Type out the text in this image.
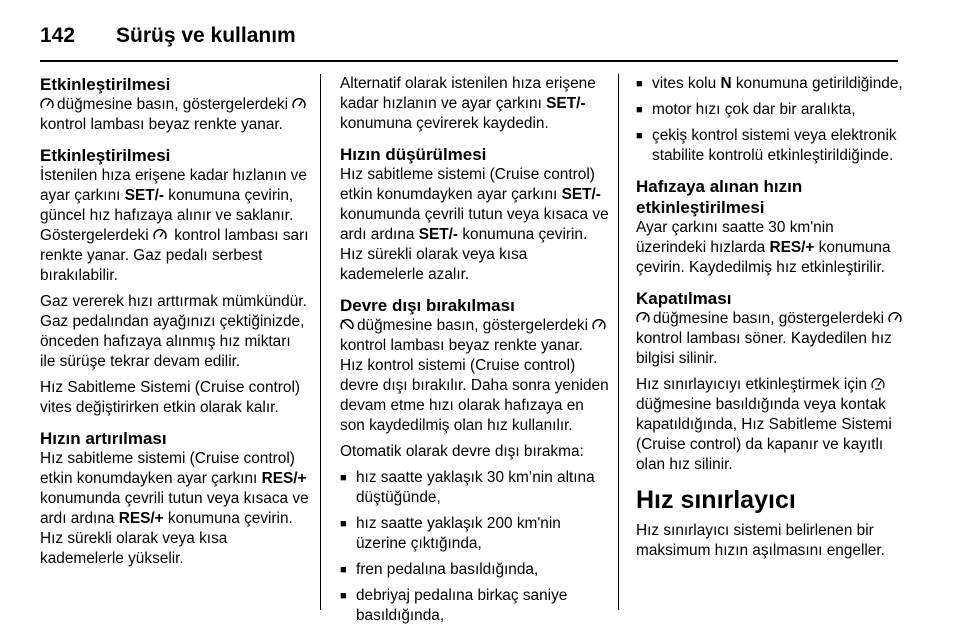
142	Sürüş ve kullanım
Etkinleştirilmesi

düğmesine basın, göstergelerdeki
kontrol lambası beyaz renkte yanar.

Etkinleştirilmesi

İstenilen hıza erişene kadar hızlanın ve ayar çarkını SET/- konumuna çevirin, güncel hız hafızaya alınır ve saklanır. Göstergelerdeki
kontrol lambası sarı renkte yanar. Gaz pedalı serbest bırakılabilir.

Gaz vererek hızı arttırmak mümkündür. Gaz pedalından ayağınızı çektiğinizde, önceden hafızaya alınmış hız miktarı ile sürüşe tekrar devam edilir.

Hız Sabitleme Sistemi (Cruise control) vites değiştirirken etkin olarak kalır.

Hızın artırılması

Hız sabitleme sistemi (Cruise control) etkin konumdayken ayar çarkını RES/+ konumunda çevrili tutun veya kısaca ve ardı ardına RES/+ konumuna çevirin. Hız sürekli olarak veya kısa kademelerle yükselir.

Alternatif olarak istenilen hıza erişene kadar hızlanın ve ayar çarkını SET/- konumuna çevirerek kaydedin.

Hızın düşürülmesi

Hız sabitleme sistemi (Cruise control) etkin konumdayken ayar çarkını SET/- konumunda çevrili tutun veya kısaca ve ardı ardına SET/- konumuna çevirin. Hız sürekli olarak veya kısa kademelerle azalır.

Devre dışı bırakılması

düğmesine basın, göstergelerdeki
kontrol lambası beyaz renkte yanar. Hız kontrol sistemi (Cruise control) devre dışı bırakılır. Daha sonra yeniden devam etme hızı olarak hafızaya en son kaydedilmiş olan hız kullanılır.

Otomatik olarak devre dışı bırakma:

■ hız saatte yaklaşık 30 km’nin altına düştüğünde,
■ hız saatte yaklaşık 200 km'nin üzerine çıktığında,
■ fren pedalına basıldığında,
■ debriyaj pedalına birkaç saniye basıldığında,
■ vites kolu N konumuna getirildiğinde,
■ motor hızı çok dar bir aralıkta,
■ çekiş kontrol sistemi veya elektronik stabilite kontrolü etkinleştirildiğinde.
Hafızaya alınan hızın etkinleştirilmesi

Ayar çarkını saatte 30 km'nin üzerindeki hızlarda RES/+ konumuna çevirin. Kaydedilmiş hız etkinleştirilir.

Kapatılması

düğmesine basın, göstergelerdeki
kontrol lambası söner. Kaydedilen hız bilgisi silinir.

Hız sınırlayıcıyı etkinleştirmek için
düğmesine basıldığında veya kontak kapatıldığında, Hız Sabitleme Sistemi (Cruise control) da kapanır ve kayıtlı olan hız silinir.

Hız sınırlayıcı

Hız sınırlayıcı sistemi belirlenen bir maksimum hızın aşılmasını engeller.
